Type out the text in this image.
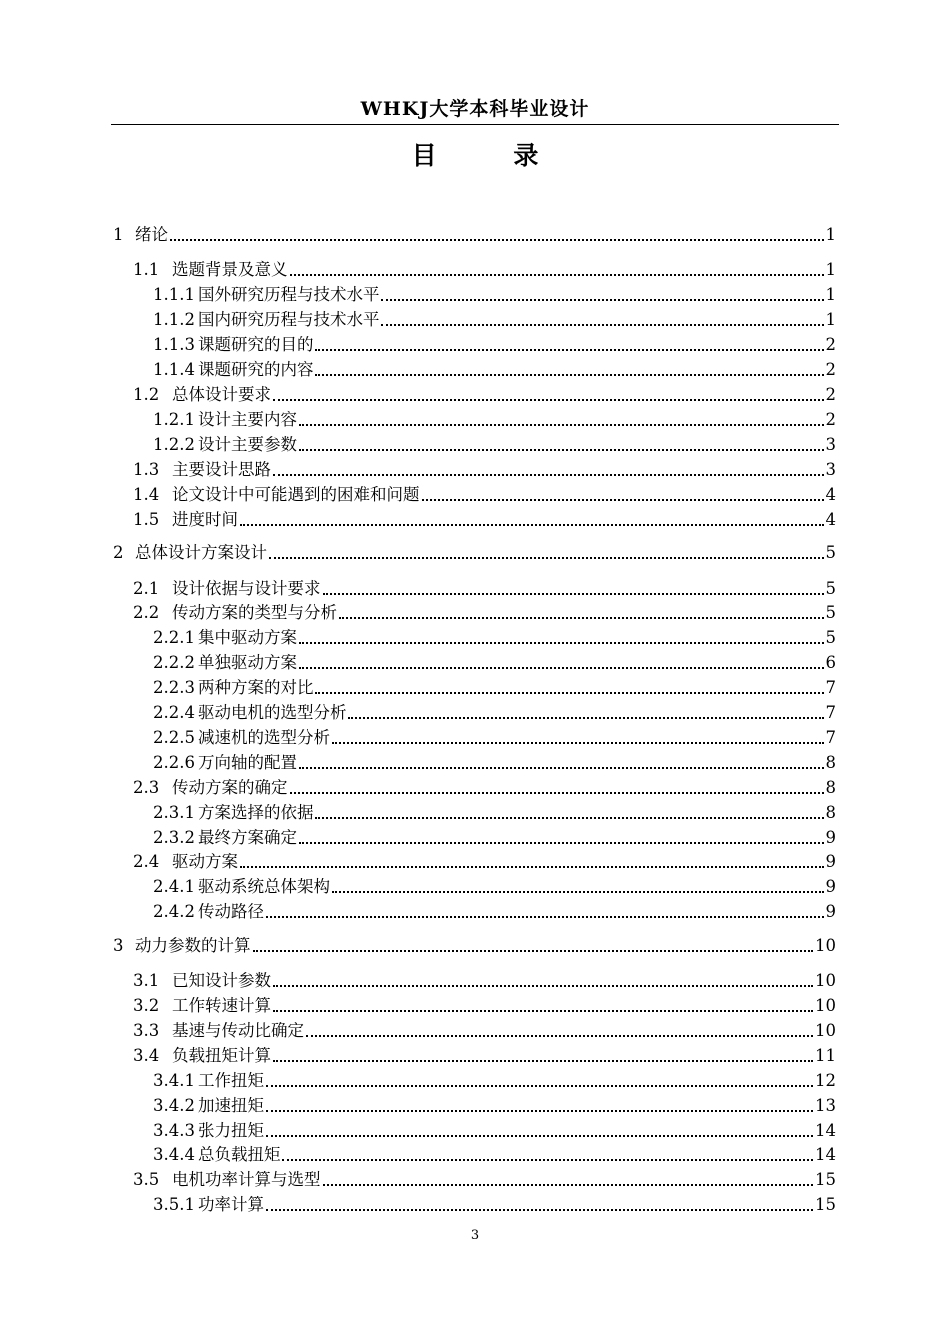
WHKJ大学本科毕业设计
目 录
1 绪论	1
1.1 选题背景及意义	1
1.1.1 国外研究历程与技术水平	1
1.1.2 国内研究历程与技术水平	1
1.1.3 课题研究的目的	2
1.1.4 课题研究的内容	2
1.2 总体设计要求	2
1.2.1 设计主要内容	2
1.2.2 设计主要参数	3
1.3 主要设计思路	3
1.4 论文设计中可能遇到的困难和问题	4
1.5 进度时间	4
2 总体设计方案设计	5
2.1 设计依据与设计要求	5
2.2 传动方案的类型与分析	5
2.2.1 集中驱动方案	5
2.2.2 单独驱动方案	6
2.2.3 两种方案的对比	7
2.2.4 驱动电机的选型分析	7
2.2.5 减速机的选型分析	7
2.2.6 万向轴的配置	8
2.3 传动方案的确定	8
2.3.1 方案选择的依据	8
2.3.2 最终方案确定	9
2.4 驱动方案	9
2.4.1 驱动系统总体架构	9
2.4.2 传动路径	9
3 动力参数的计算	10
3.1 已知设计参数	10
3.2 工作转速计算	10
3.3 基速与传动比确定	10
3.4 负载扭矩计算	11
3.4.1 工作扭矩	12
3.4.2 加速扭矩	13
3.4.3 张力扭矩	14
3.4.4 总负载扭矩	14
3.5 电机功率计算与选型	15
3.5.1 功率计算	15
3
